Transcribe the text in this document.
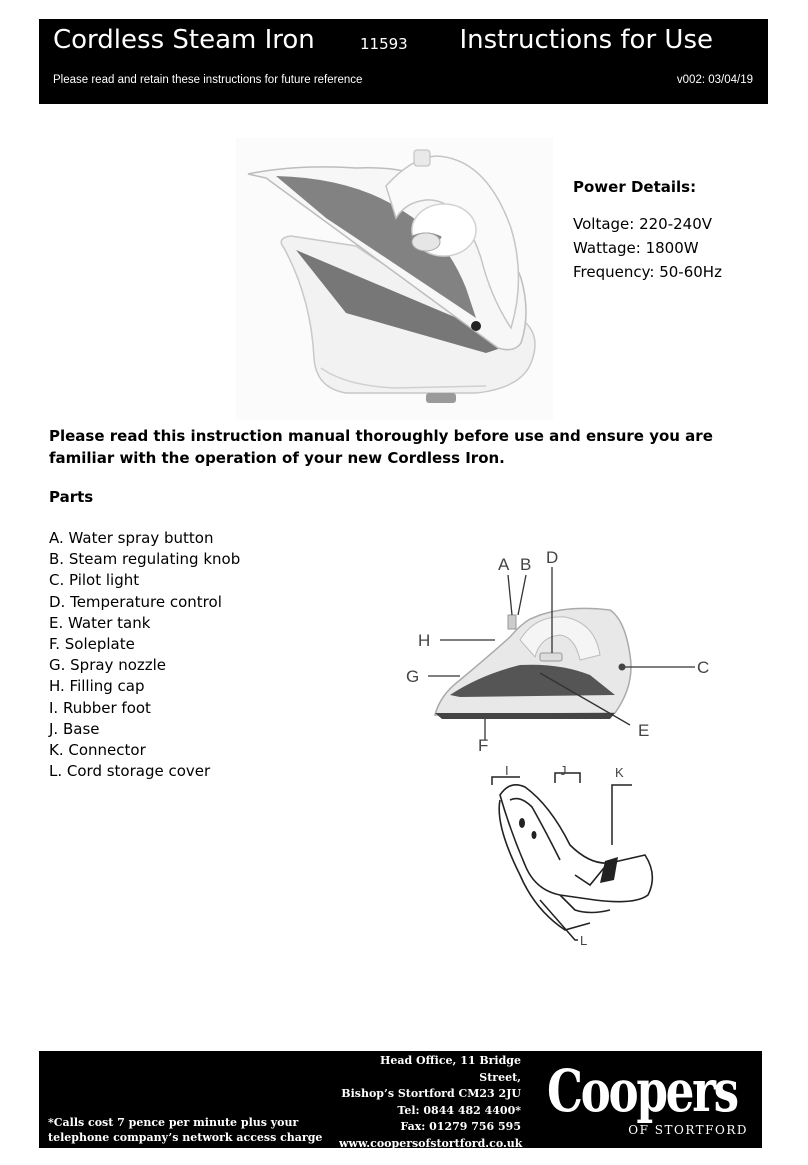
Cordless Steam Iron	11593 Instructions for Use
Please read and retain these instructions for future reference	v002: 03/04/19
Power Details:
Voltage: 220-240V
Wattage: 1800W
Frequency: 50-60Hz
Please read this instruction manual thoroughly before use and ensure you are familiar with the operation of your new Cordless Iron.
Parts
A. Water spray button
B. Steam regulating knob
C. Pilot light
D. Temperature control
E. Water tank
F. Soleplate
G. Spray nozzle
H. Filling cap
I. Rubber foot
J. Base
K. Connector
L. Cord storage cover
A B D
H
G	C
E
F
I	J	K
L
Head Office, 11 Bridge Street,
Bishop’s Stortford CM23 2JU
Tel: 0844 482 4400*
Fax: 01279 756 595
www.coopersofstortford.co.uk
*Calls cost 7 pence per minute plus your
telephone company’s network access charge
Coopers
OF STORTFORD
